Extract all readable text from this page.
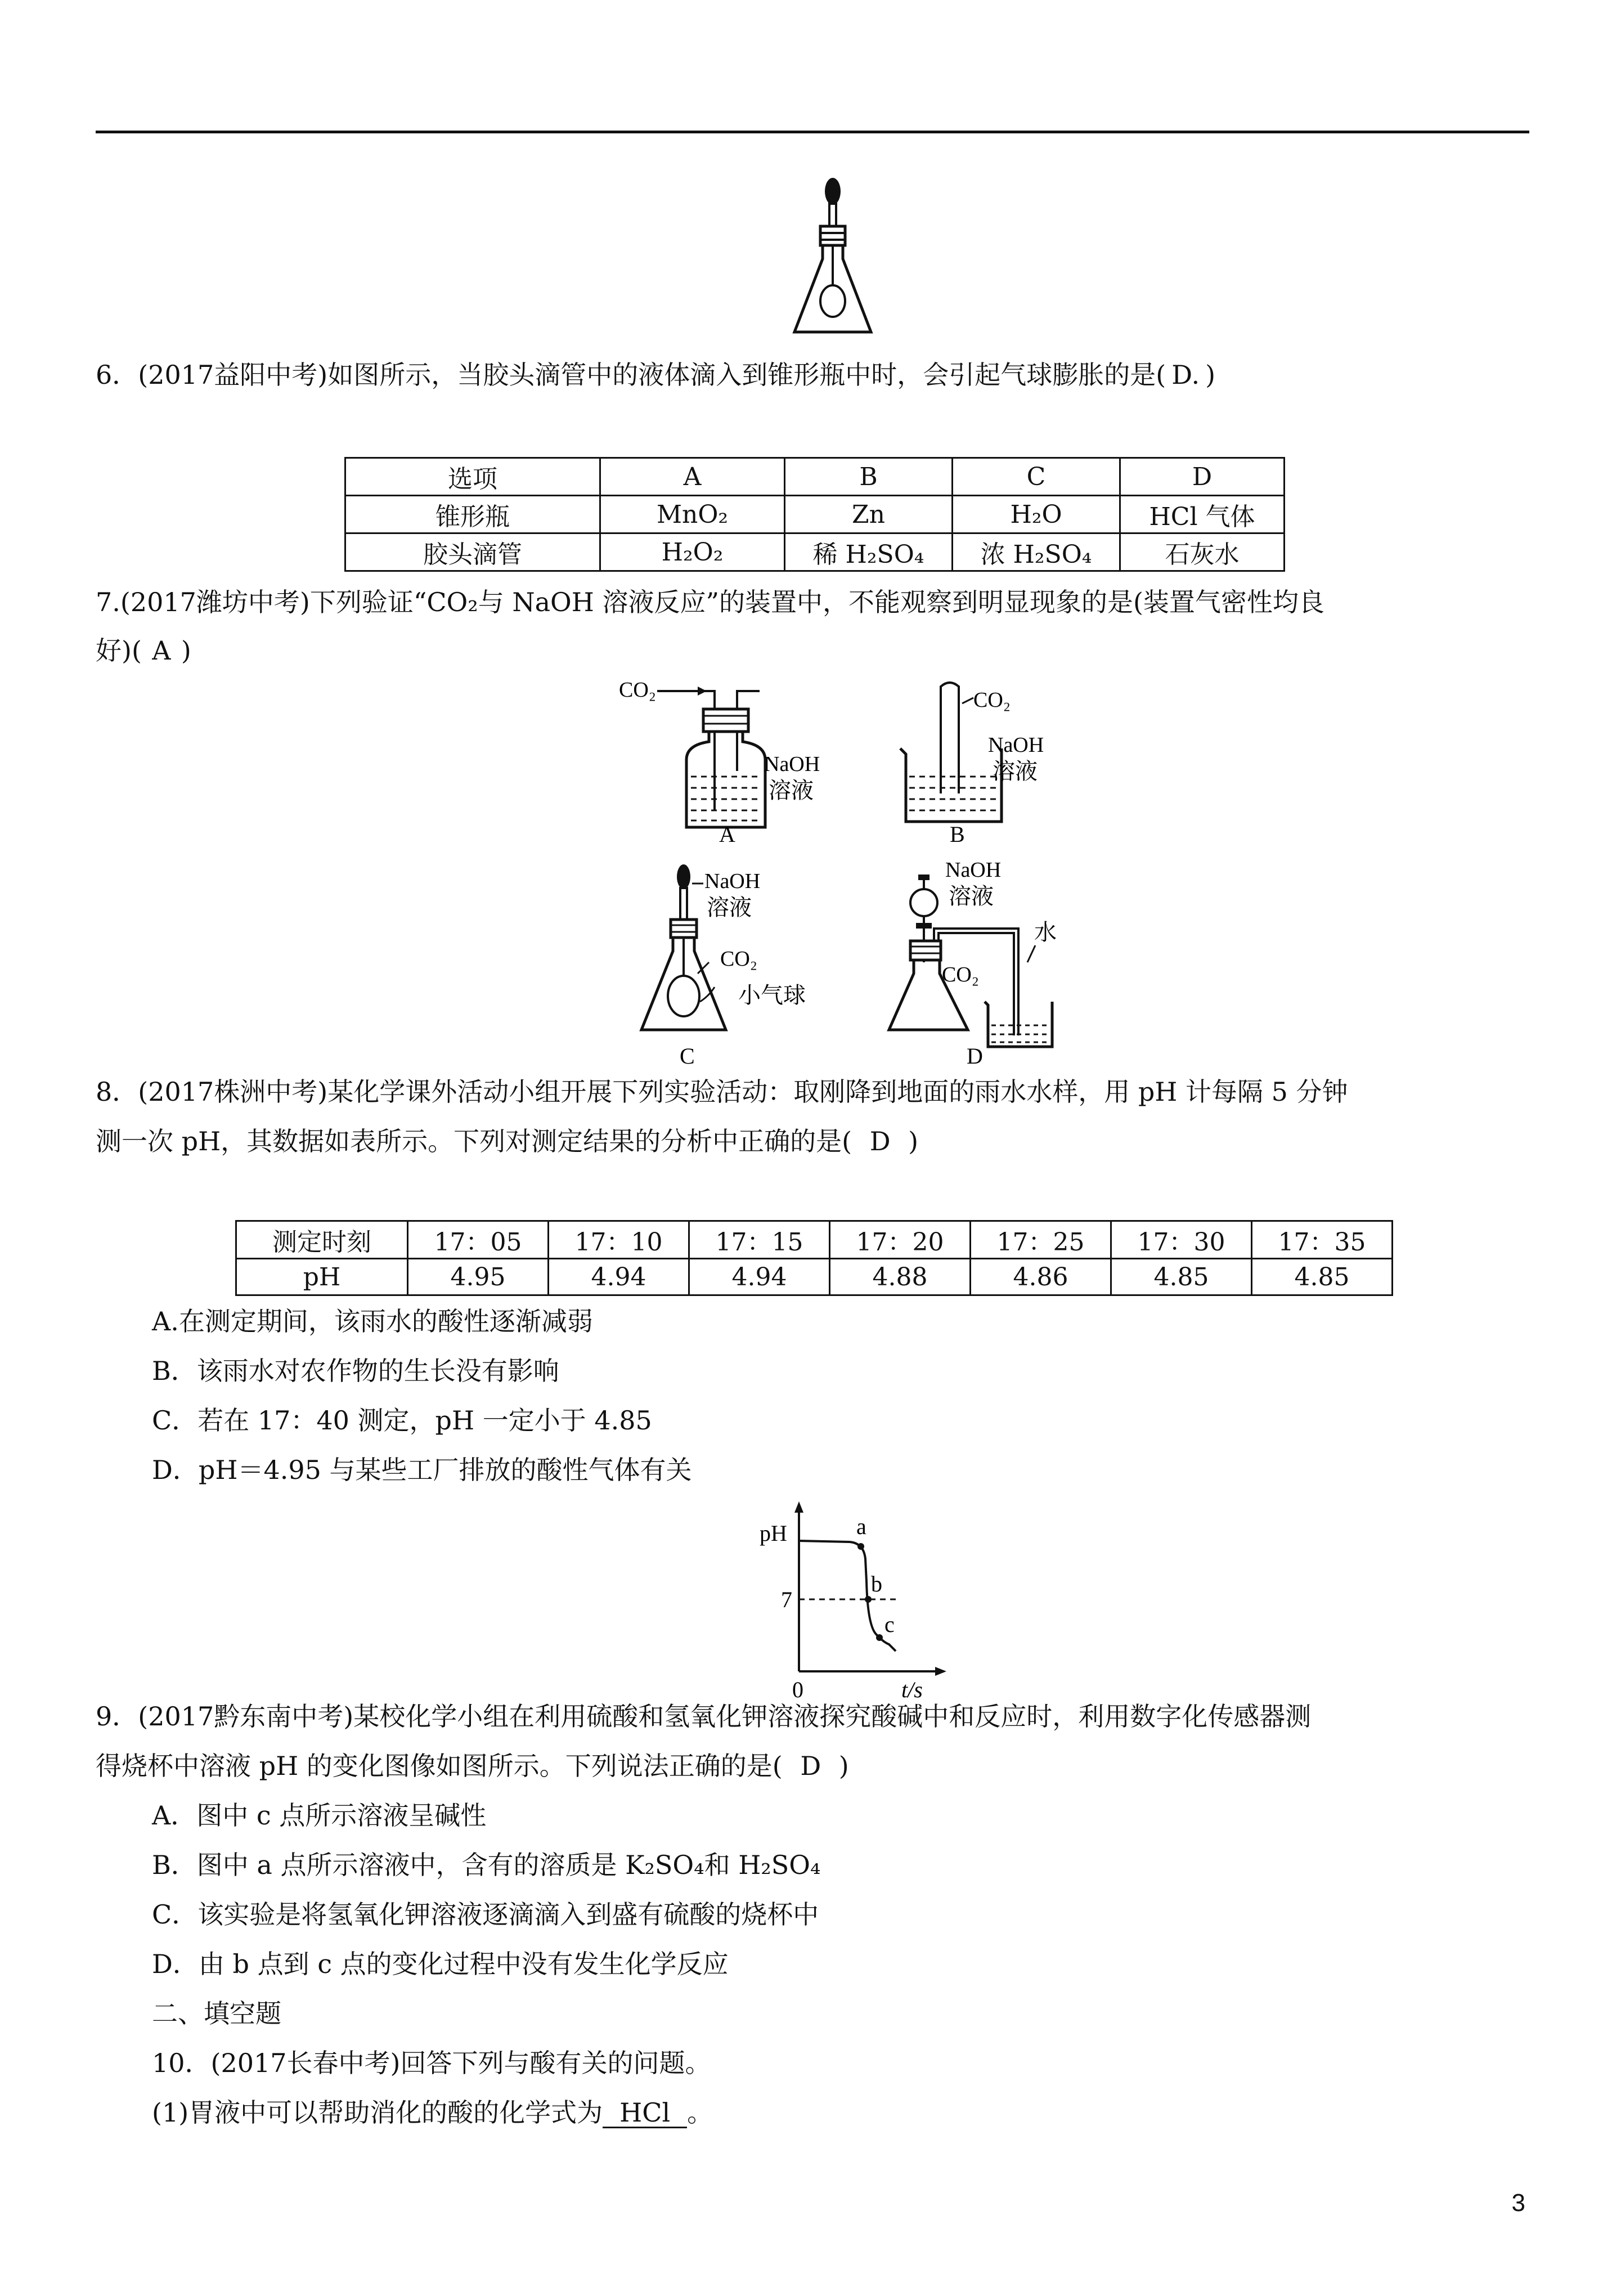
6．(2017益阳中考)如图所示，当胶头滴管中的液体滴入到锥形瓶中时，会引起气球膨胀的是( D. )
选项	A	B	C	D
锥形瓶	MnO₂	Zn	H₂O	HCl 气体
胶头滴管	H₂O₂	稀 H₂SO₄	浓 H₂SO₄	石灰水
7.(2017潍坊中考)下列验证“CO₂与 NaOH 溶液反应”的装置中，不能观察到明显现象的是(装置气密性均良
好)( A )
CO₂
NaOH
溶液
A
CO₂
NaOH
溶液
B
NaOH
溶液
CO₂
小气球
C
NaOH
溶液
水
CO₂
D
8．(2017株洲中考)某化学课外活动小组开展下列实验活动：取刚降到地面的雨水水样，用 pH 计每隔 5 分钟
测一次 pH，其数据如表所示。下列对测定结果的分析中正确的是( D )
测定时刻	17：05	17：10	17：15	17：20	17：25	17：30	17：35
pH	4.95	4.94	4.94	4.88	4.86	4.85	4.85
A.在测定期间，该雨水的酸性逐渐减弱
B．该雨水对农作物的生长没有影响
C．若在 17：40 测定，pH 一定小于 4.85
D．pH＝4.95 与某些工厂排放的酸性气体有关
pH
7
0	t/s
a
b
c
9．(2017黔东南中考)某校化学小组在利用硫酸和氢氧化钾溶液探究酸碱中和反应时，利用数字化传感器测
得烧杯中溶液 pH 的变化图像如图所示。下列说法正确的是( D )
A．图中 c 点所示溶液呈碱性
B．图中 a 点所示溶液中，含有的溶质是 K₂SO₄和 H₂SO₄
C．该实验是将氢氧化钾溶液逐滴滴入到盛有硫酸的烧杯中
D．由 b 点到 c 点的变化过程中没有发生化学反应
二、填空题
10．(2017长春中考)回答下列与酸有关的问题。
(1)胃液中可以帮助消化的酸的化学式为 HCl 。
3
